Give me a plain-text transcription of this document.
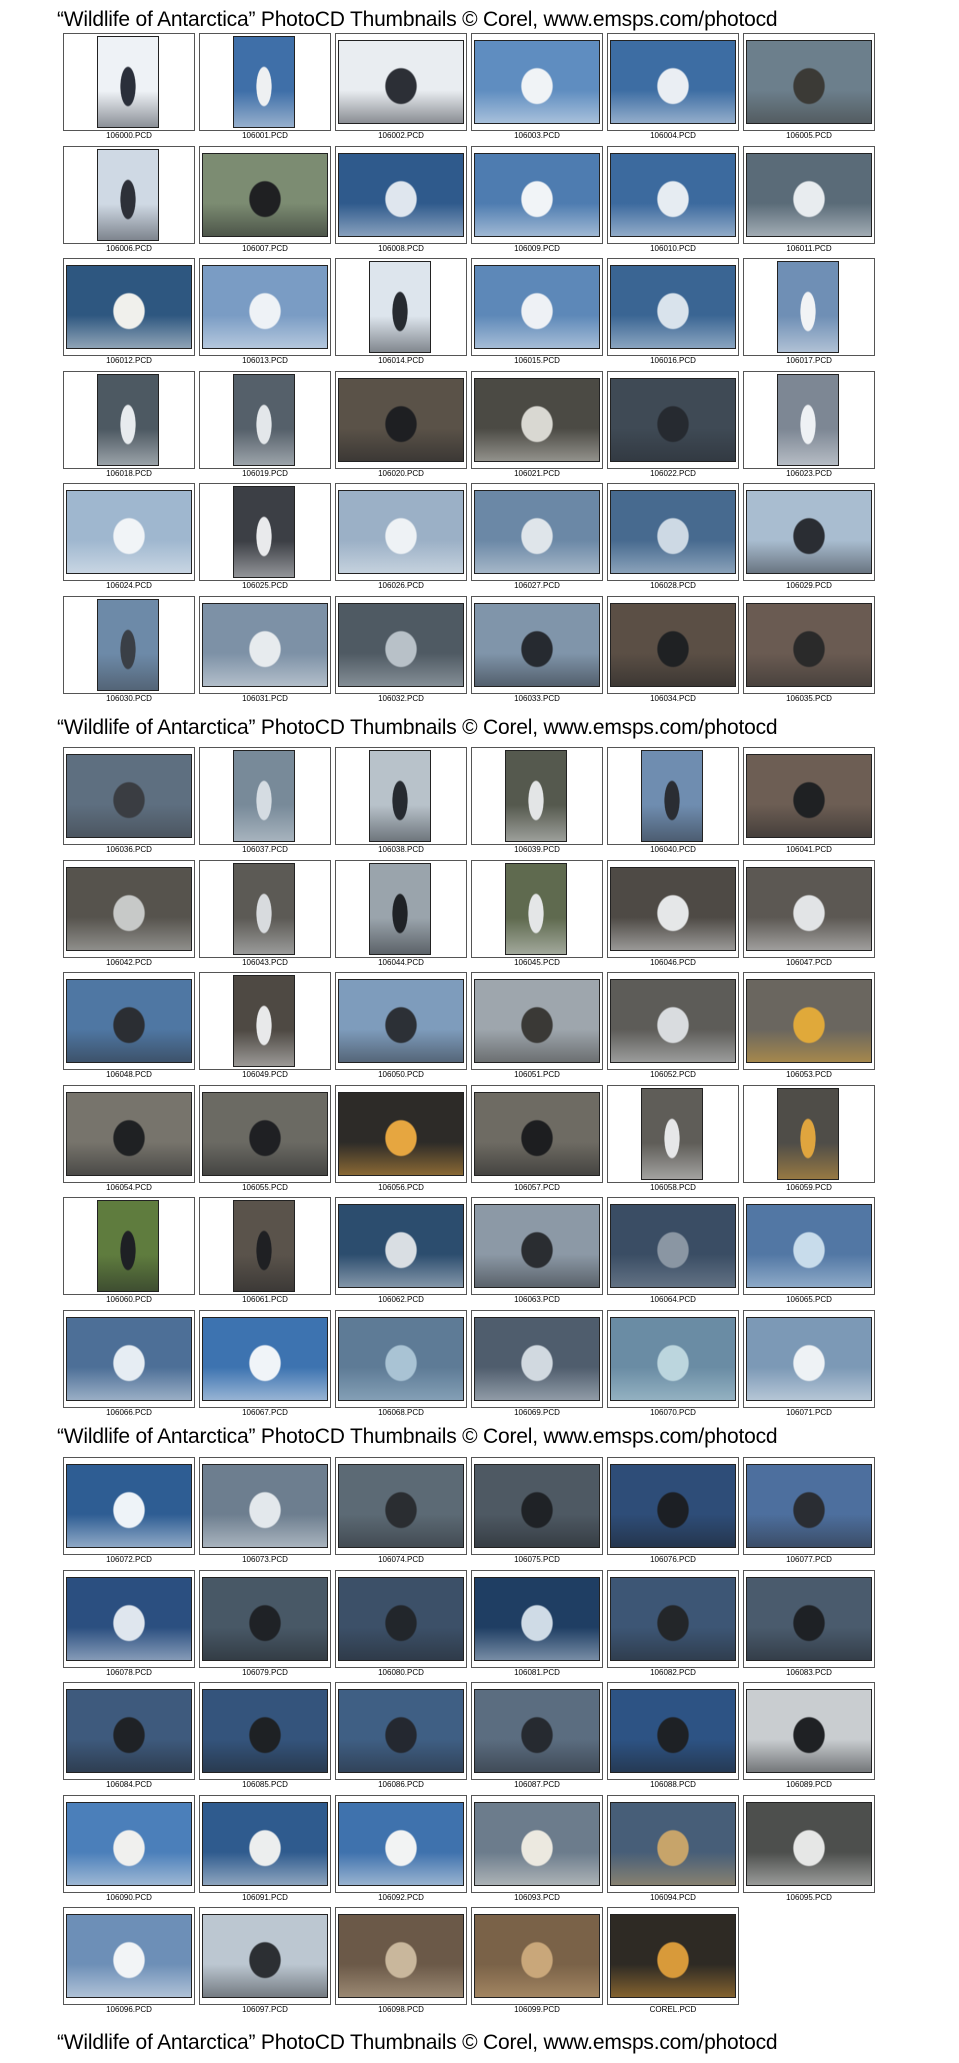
“Wildlife of Antarctica” PhotoCD Thumbnails © Corel, www.emsps.com/photocd
106000.PCD	106001.PCD	106002.PCD	106003.PCD	106004.PCD	106005.PCD
106006.PCD	106007.PCD	106008.PCD	106009.PCD	106010.PCD	106011.PCD
106012.PCD	106013.PCD	106014.PCD	106015.PCD	106016.PCD	106017.PCD
106018.PCD	106019.PCD	106020.PCD	106021.PCD	106022.PCD	106023.PCD
106024.PCD	106025.PCD	106026.PCD	106027.PCD	106028.PCD	106029.PCD
106030.PCD	106031.PCD	106032.PCD	106033.PCD	106034.PCD	106035.PCD
“Wildlife of Antarctica” PhotoCD Thumbnails © Corel, www.emsps.com/photocd
106036.PCD	106037.PCD	106038.PCD	106039.PCD	106040.PCD	106041.PCD
106042.PCD	106043.PCD	106044.PCD	106045.PCD	106046.PCD	106047.PCD
106048.PCD	106049.PCD	106050.PCD	106051.PCD	106052.PCD	106053.PCD
106054.PCD	106055.PCD	106056.PCD	106057.PCD	106058.PCD	106059.PCD
106060.PCD	106061.PCD	106062.PCD	106063.PCD	106064.PCD	106065.PCD
106066.PCD	106067.PCD	106068.PCD	106069.PCD	106070.PCD	106071.PCD
“Wildlife of Antarctica” PhotoCD Thumbnails © Corel, www.emsps.com/photocd
106072.PCD	106073.PCD	106074.PCD	106075.PCD	106076.PCD	106077.PCD
106078.PCD	106079.PCD	106080.PCD	106081.PCD	106082.PCD	106083.PCD
106084.PCD	106085.PCD	106086.PCD	106087.PCD	106088.PCD	106089.PCD
106090.PCD	106091.PCD	106092.PCD	106093.PCD	106094.PCD	106095.PCD
106096.PCD	106097.PCD	106098.PCD	106099.PCD	COREL.PCD
“Wildlife of Antarctica” PhotoCD Thumbnails © Corel, www.emsps.com/photocd
